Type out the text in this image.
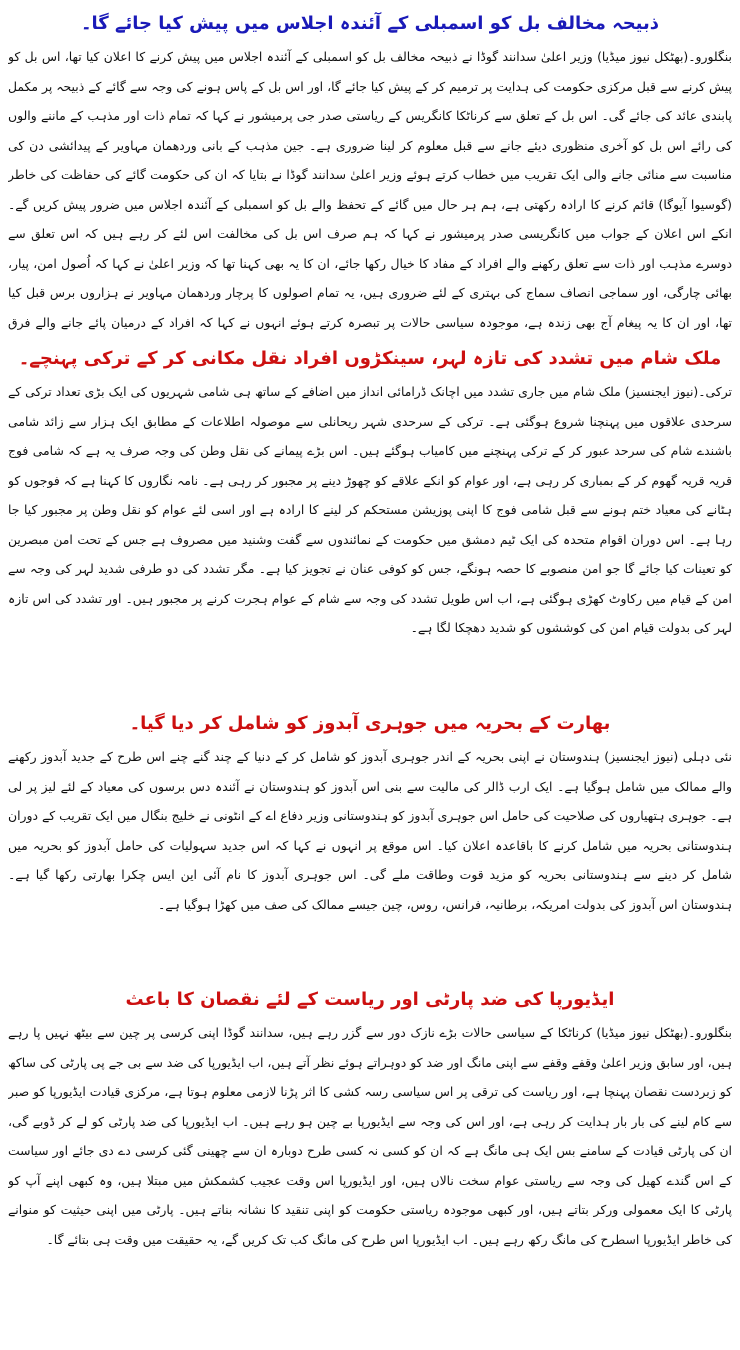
ذبیحہ مخالف بل کو اسمبلی کے آئندہ اجلاس میں پیش کیا جائے گا۔

بنگلورو۔(بھٹکل نیوز میڈیا) وزیر اعلیٰ سدانند گوڈا نے ذبیحہ مخالف بل کو اسمبلی کے آئندہ اجلاس میں پیش کرنے کا اعلان کیا تھا، اس بل کو پیش کرنے سے قبل مرکزی حکومت کی ہدایت پر ترمیم کر کے پیش کیا جائے گا، اور اس بل کے پاس ہونے کی وجہ سے گائے کے ذبیحہ پر مکمل پابندی عائد کی جائے گی۔ اس بل کے تعلق سے کرناٹکا کانگریس کے ریاستی صدر جی پرمیشور نے کہا کہ تمام ذات اور مذہب کے ماننے والوں کی رائے اس بل کو آخری منظوری دیئے جانے سے قبل معلوم کر لینا ضروری ہے۔ جین مذہب کے بانی وردھمان مہاویر کے پیدائشی دن کی مناسبت سے منائی جانے والی ایک تقریب میں خطاب کرتے ہوئے وزیر اعلیٰ سدانند گوڈا نے بتایا کہ ان کی حکومت گائے کی حفاظت کی خاطر (گوسیوا آیوگا) قائم کرنے کا ارادہ رکھتی ہے، ہم ہر حال میں گائے کے تحفظ والے بل کو اسمبلی کے آئندہ اجلاس میں ضرور پیش کریں گے۔ انکے اس اعلان کے جواب میں کانگریسی صدر پرمیشور نے کہا کہ ہم صرف اس بل کی مخالفت اس لئے کر رہے ہیں کہ اس تعلق سے دوسرے مذہب اور ذات سے تعلق رکھنے والے افراد کے مفاد کا خیال رکھا جائے، ان کا یہ بھی کہنا تھا کہ وزیر اعلیٰ نے کہا کہ اُصول امن، پیار، بھائی چارگی، اور سماجی انصاف سماج کی بہتری کے لئے ضروری ہیں، یہ تمام اصولوں کا پرچار وردھمان مہاویر نے ہزاروں برس قبل کیا تھا، اور ان کا یہ پیغام آج بھی زندہ ہے، موجودہ سیاسی حالات پر تبصرہ کرتے ہوئے انہوں نے کہا کہ افراد کے درمیان پائے جانے والے فرق

ملک شام میں تشدد کی تازہ لہر، سینکڑوں افراد نقل مکانی کر کے ترکی پہنچے۔

ترکی۔(نیوز ایجنسیز) ملک شام میں جاری تشدد میں اچانک ڈرامائی انداز میں اضافے کے ساتھ ہی شامی شہریوں کی ایک بڑی تعداد ترکی کے سرحدی علاقوں میں پہنچنا شروع ہوگئی ہے۔ ترکی کے سرحدی شہر ریحانلی سے موصولہ اطلاعات کے مطابق ایک ہزار سے زائد شامی باشندے شام کی سرحد عبور کر کے ترکی پہنچنے میں کامیاب ہوگئے ہیں۔ اس بڑے پیمانے کی نقل وطن کی وجہ صرف یہ ہے کہ شامی فوج قریہ قریہ گھوم کر کے بمباری کر رہی ہے، اور عوام کو انکے علاقے کو چھوڑ دینے پر مجبور کر رہی ہے۔ نامہ نگاروں کا کہنا ہے کہ فوجوں کو ہٹانے کی معیاد ختم ہونے سے قبل شامی فوج کا اپنی پوزیشن مستحکم کر لینے کا ارادہ ہے اور اسی لئے عوام کو نقل وطن پر مجبور کیا جا رہا ہے۔ اس دوران اقوام متحدہ کی ایک ٹیم دمشق میں حکومت کے نمائندوں سے گفت وشنید میں مصروف ہے جس کے تحت امن مبصرین کو تعینات کیا جائے گا جو امن منصوبے کا حصہ ہونگے، جس کو کوفی عنان نے تجویز کیا ہے۔ مگر تشدد کی دو طرفی شدید لہر کی وجہ سے امن کے قیام میں رکاوٹ کھڑی ہوگئی ہے، اب اس طویل تشدد کی وجہ سے شام کے عوام ہجرت کرنے پر مجبور ہیں۔ اور تشدد کی اس تازہ لہر کی بدولت قیام امن کی کوششوں کو شدید دھچکا لگا ہے۔

بھارت کے بحریہ میں جوہری آبدوز کو شامل کر دیا گیا۔

نئی دہلی (نیوز ایجنسیز) ہندوستان نے اپنی بحریہ کے اندر جوہری آبدوز کو شامل کر کے دنیا کے چند گنے چنے اس طرح کے جدید آبدوز رکھنے والے ممالک میں شامل ہوگیا ہے۔ ایک ارب ڈالر کی مالیت سے بنی اس آبدوز کو ہندوستان نے آئندہ دس برسوں کی معیاد کے لئے لیز پر لی ہے۔ جوہری ہتھیاروں کی صلاحیت کی حامل اس جوہری آبدوز کو ہندوستانی وزیر دفاع اے کے انٹونی نے خلیج بنگال میں ایک تقریب کے دوران ہندوستانی بحریہ میں شامل کرنے کا باقاعدہ اعلان کیا۔ اس موقع پر انہوں نے کہا کہ اس جدید سہولیات کی حامل آبدوز کو بحریہ میں شامل کر دینے سے ہندوستانی بحریہ کو مزید قوت وطاقت ملے گی۔ اس جوہری آبدوز کا نام آئی این ایس چکرا بھارتی رکھا گیا ہے۔ ہندوستان اس آبدوز کی بدولت امریکہ، برطانیہ، فرانس، روس، چین جیسے ممالک کی صف میں کھڑا ہوگیا ہے۔

ایڈیورپا کی ضد پارٹی اور ریاست کے لئے نقصان کا باعث

بنگلورو۔(بھٹکل نیوز میڈیا) کرناٹکا کے سیاسی حالات بڑے نازک دور سے گزر رہے ہیں، سدانند گوڈا اپنی کرسی پر چین سے بیٹھ نہیں پا رہے ہیں، اور سابق وزیر اعلیٰ وقفے وقفے سے اپنی مانگ اور ضد کو دوہراتے ہوئے نظر آتے ہیں، اب ایڈیورپا کی ضد سے بی جے پی پارٹی کی ساکھ کو زبردست نقصان پہنچا ہے، اور ریاست کی ترقی پر اس سیاسی رسہ کشی کا اثر پڑنا لازمی معلوم ہوتا ہے، مرکزی قیادت ایڈیورپا کو صبر سے کام لینے کی بار بار ہدایت کر رہی ہے، اور اس کی وجہ سے ایڈیورپا بے چین ہو رہے ہیں۔ اب ایڈیورپا کی ضد پارٹی کو لے کر ڈوبے گی، ان کی پارٹی قیادت کے سامنے بس ایک ہی مانگ ہے کہ ان کو کسی نہ کسی طرح دوبارہ ان سے چھینی گئی کرسی دے دی جائے اور سیاست کے اس گندے کھیل کی وجہ سے ریاستی عوام سخت نالاں ہیں، اور ایڈیورپا اس وقت عجیب کشمکش میں مبتلا ہیں، وہ کبھی اپنے آپ کو پارٹی کا ایک معمولی ورکر بتاتے ہیں، اور کبھی موجودہ ریاستی حکومت کو اپنی تنقید کا نشانہ بناتے ہیں۔ پارٹی میں اپنی حیثیت کو منوانے کی خاطر ایڈیورپا اسطرح کی مانگ رکھ رہے ہیں۔ اب ایڈیورپا اس طرح کی مانگ کب تک کریں گے، یہ حقیقت میں وقت ہی بتائے گا۔
